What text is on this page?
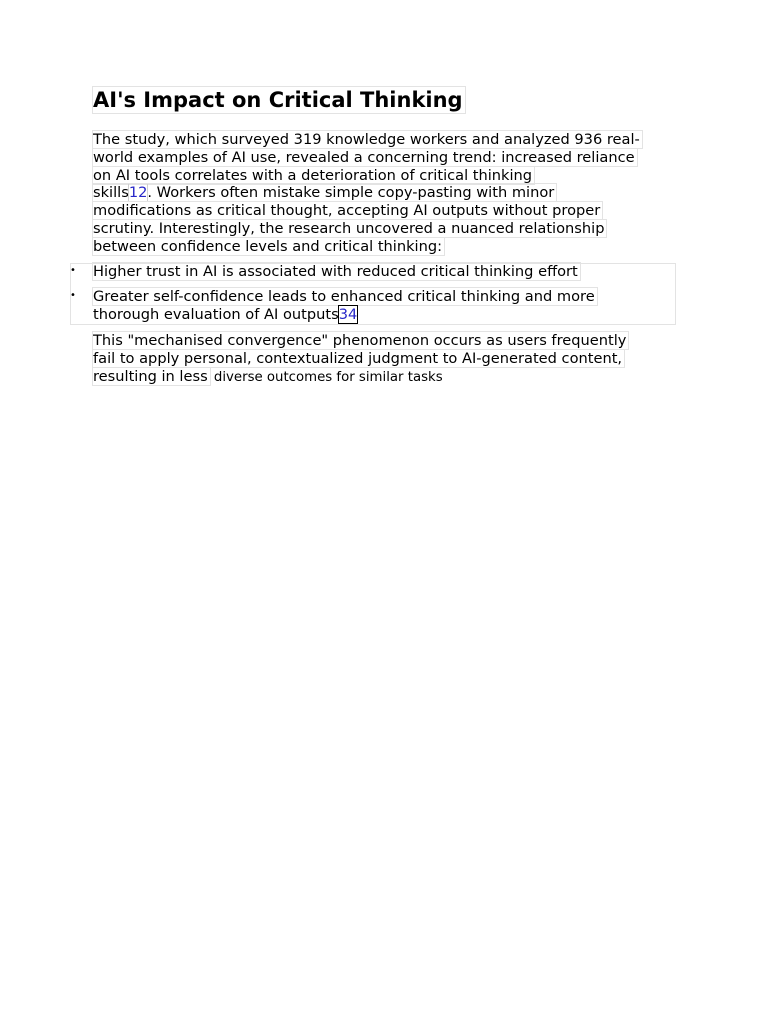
AI's Impact on Critical Thinking

The study, which surveyed 319 knowledge workers and analyzed 936 real-
world examples of AI use, revealed a concerning trend: increased reliance
on AI tools correlates with a deterioration of critical thinking
skills12. Workers often mistake simple copy-pasting with minor
modifications as critical thought, accepting AI outputs without proper
scrutiny. Interestingly, the research uncovered a nuanced relationship
between confidence levels and critical thinking:

• Higher trust in AI is associated with reduced critical thinking effort

• Greater self-confidence leads to enhanced critical thinking and more
thorough evaluation of AI outputs34

This "mechanised convergence" phenomenon occurs as users frequently
fail to apply personal, contextualized judgment to AI-generated content,
resulting in less diverse outcomes for similar tasks
